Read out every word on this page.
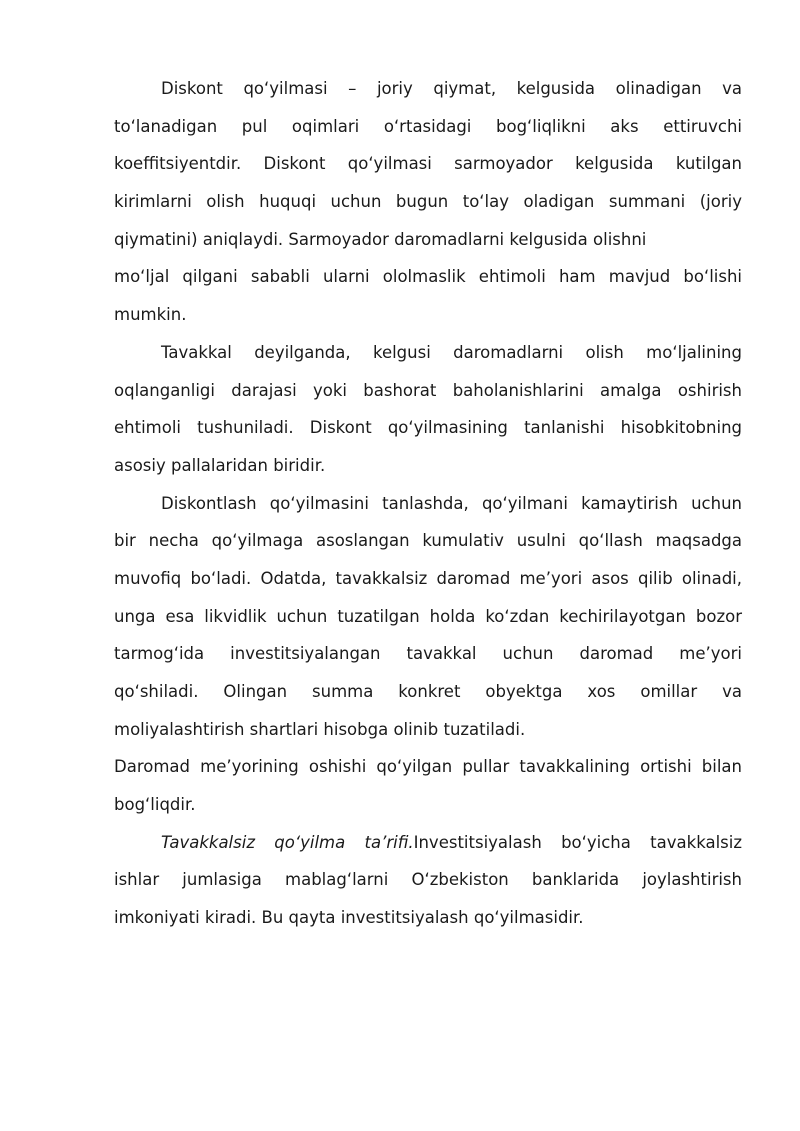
Diskont qo‘yilmasi – joriy qiymat, kelgusida olinadigan va
to‘lanadigan pul oqimlari o‘rtasidagi bog‘liqlikni aks ettiruvchi
koeffitsiyentdir. Diskont qo‘yilmasi sarmoyador kelgusida kutilgan
kirimlarni olish huquqi uchun bugun to‘lay oladigan summani (joriy
qiymatini) aniqlaydi. Sarmoyador daromadlarni kelgusida olishni
mo‘ljal qilgani sababli ularni ololmaslik ehtimoli ham mavjud bo‘lishi
mumkin.
Tavakkal deyilganda, kelgusi daromadlarni olish mo‘ljalining
oqlanganligi darajasi yoki bashorat baholanishlarini amalga oshirish
ehtimoli tushuniladi. Diskont qo‘yilmasining tanlanishi hisobkitobning
asosiy pallalaridan biridir.
Diskontlash qo‘yilmasini tanlashda, qo‘yilmani kamaytirish uchun
bir necha qo‘yilmaga asoslangan kumulativ usulni qo‘llash maqsadga
muvofiq bo‘ladi. Odatda, tavakkalsiz daromad me’yori asos qilib olinadi,
unga esa likvidlik uchun tuzatilgan holda ko‘zdan kechirilayotgan bozor
tarmog‘ida investitsiyalangan tavakkal uchun daromad me’yori
qo‘shiladi. Olingan summa konkret obyektga xos omillar va
moliyalashtirish shartlari hisobga olinib tuzatiladi.
Daromad me’yorining oshishi qo‘yilgan pullar tavakkalining ortishi bilan
bog‘liqdir.
Tavakkalsiz qo‘yilma ta’rifi.Investitsiyalash bo‘yicha tavakkalsiz
ishlar jumlasiga mablag‘larni O‘zbekiston banklarida joylashtirish
imkoniyati kiradi. Bu qayta investitsiyalash qo‘yilmasidir.
